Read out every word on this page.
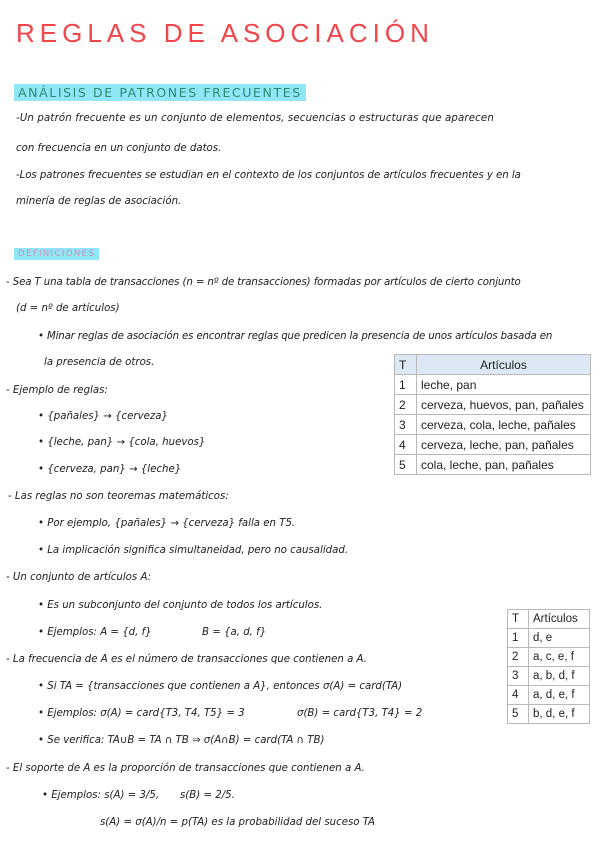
REGLAS DE ASOCIACIÓN
ANÁLISIS DE PATRONES FRECUENTES
-Un patrón frecuente es un conjunto de elementos, secuencias o estructuras que aparecen
con frecuencia en un conjunto de datos.
-Los patrones frecuentes se estudian en el contexto de los conjuntos de artículos frecuentes y en la
minería de reglas de asociación.
DEFINICIONES
- Sea T una tabla de transacciones (n = nº de transacciones) formadas por artículos de cierto conjunto
(d = nº de artículos)
• Minar reglas de asociación es encontrar reglas que predicen la presencia de unos artículos basada en
la presencia de otros.
- Ejemplo de reglas:
• {pañales} → {cerveza}
• {leche, pan} → {cola, huevos}
• {cerveza, pan} → {leche}
- Las reglas no son teoremas matemáticos:
• Por ejemplo, {pañales} → {cerveza} falla en T5.
• La implicación significa simultaneidad, pero no causalidad.
- Un conjunto de artículos A:
• Es un subconjunto del conjunto de todos los artículos.
• Ejemplos: A = {d, f}	B = {a, d, f}
- La frecuencia de A es el número de transacciones que contienen a A.
• Si TA = {transacciones que contienen a A}, entonces σ(A) = card(TA)
• Ejemplos: σ(A) = card{T3, T4, T5} = 3	σ(B) = card{T3, T4} = 2
• Se verifica: TA∪B = TA ∩ TB ⇒ σ(A∩B) = card(TA ∩ TB)
- El soporte de A es la proporción de transacciones que contienen a A.
• Ejemplos: s(A) = 3/5, s(B) = 2/5.
s(A) = σ(A)/n = p(TA) es la probabilidad del suceso TA
T	Artículos
1	leche, pan
2	cerveza, huevos, pan, pañales
3	cerveza, cola, leche, pañales
4	cerveza, leche, pan, pañales
5	cola, leche, pan, pañales
T	Artículos
1	d, e
2	a, c, e, f
3	a, b, d, f
4	a, d, e, f
5	b, d, e, f
